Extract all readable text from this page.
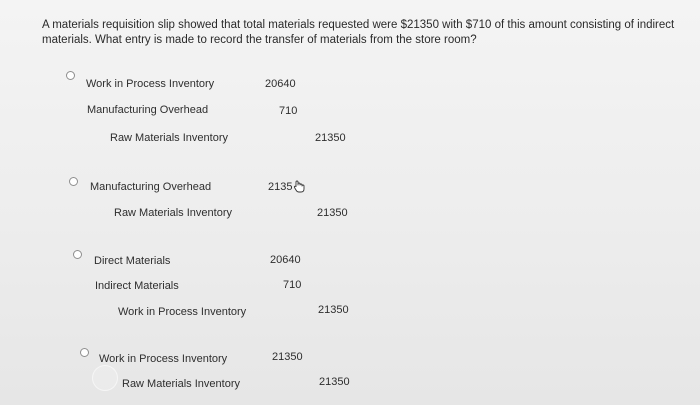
A materials requisition slip showed that total materials requested were $21350 with $710 of this amount consisting of indirect materials. What entry is made to record the transfer of materials from the store room?
Work in Process Inventory	20640
Manufacturing Overhead	710
Raw Materials Inventory	21350
Manufacturing Overhead	2135
Raw Materials Inventory	21350
Direct Materials	20640
Indirect Materials	710
Work in Process Inventory	21350
Work in Process Inventory	21350
Raw Materials Inventory	21350
